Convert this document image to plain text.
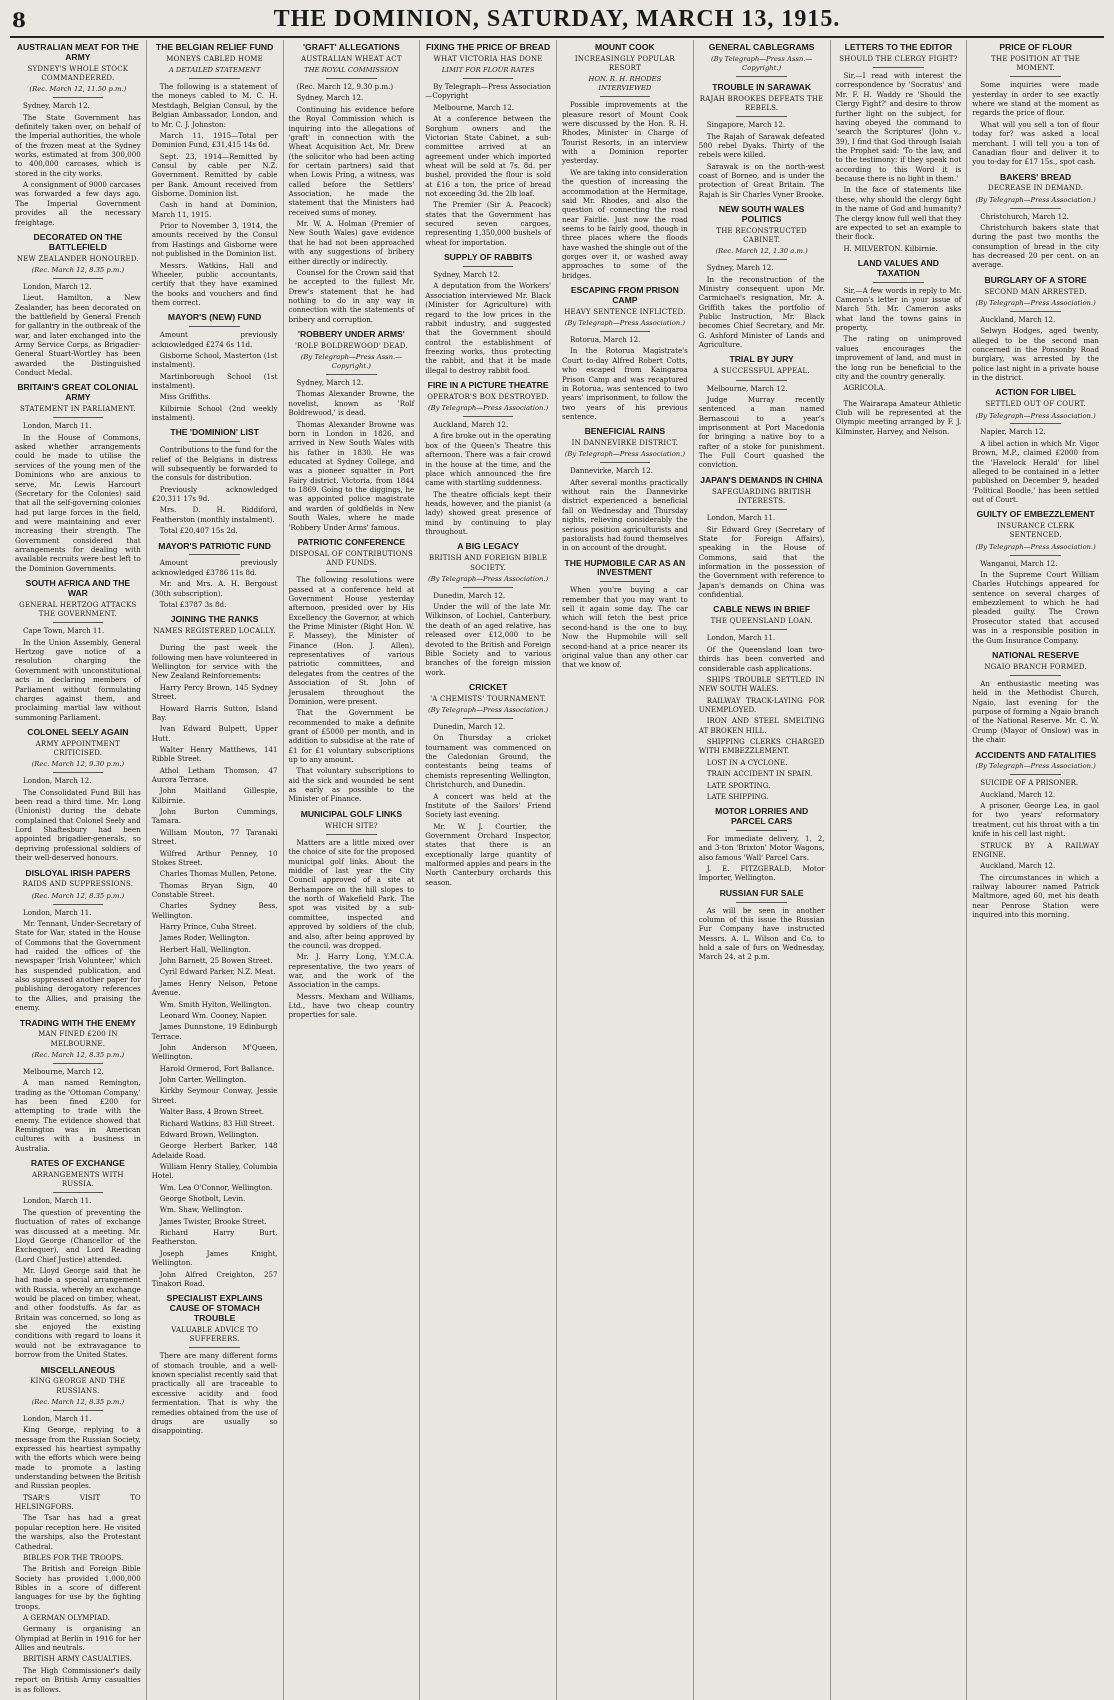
8	THE DOMINION, SATURDAY, MARCH 13, 1915.
AUSTRALIAN MEAT FOR THE ARMY
SYDNEY'S WHOLE STOCK COMMANDEERED.
(Rec. March 12, 11.50 p.m.)

Sydney, March 12.

The State Government has definitely taken over, on behalf of the Imperial authorities, the whole of the frozen meat at the Sydney works, estimated at from 300,000 to 400,000 carcases, which is stored in the city works.

A consignment of 9000 carcases was forwarded a few days ago. The Imperial Government provides all the necessary freightage.

DECORATED ON THE BATTLEFIELD
NEW ZEALANDER HONOURED.
(Rec. March 12, 8.35 p.m.)

London, March 12.

Lieut. Hamilton, a New Zealander, has been decorated on the battlefield by General French for gallantry in the outbreak of the war, and later exchanged into the Army Service Corps, as Brigadier-General Stuart-Wortley has been awarded the Distinguished Conduct Medal.

BRITAIN'S GREAT COLONIAL ARMY
STATEMENT IN PARLIAMENT.

London, March 11.

In the House of Commons, asked whether arrangements could be made to utilise the services of the young men of the Dominions who are anxious to serve, Mr. Lewis Harcourt (Secretary for the Colonies) said that all the self-governing colonies had put large forces in the field, and were maintaining and ever increasing their strength. The Government considered that arrangements for dealing with available recruits were best left to the Dominion Governments.

SOUTH AFRICA AND THE WAR
GENERAL HERTZOG ATTACKS THE GOVERNMENT.

Cape Town, March 11.

In the Union Assembly, General Hertzog gave notice of a resolution charging the Government with unconstitutional acts in declaring members of Parliament without formulating charges against them, and proclaiming martial law without summoning Parliament.

COLONEL SEELY AGAIN
ARMY APPOINTMENT CRITICISED.
(Rec. March 12, 9.30 p.m.)

London, March 12.

The Consolidated Fund Bill has been read a third time. Mr. Long (Unionist) during the debate complained that Colonel Seely and Lord Shaftesbury had been appointed brigadier-generals, so depriving professional soldiers of their well-deserved honours.

DISLOYAL IRISH PAPERS
RAIDS AND SUPPRESSIONS.
(Rec. March 12, 8.35 p.m.)

London, March 11.

Mr. Tennant, Under-Secretary of State for War, stated in the House of Commons that the Government had raided the offices of the newspaper 'Irish Volunteer,' which has suspended publication, and also suppressed another paper for publishing derogatory references to the Allies, and praising the enemy.

TRADING WITH THE ENEMY
MAN FINED £200 IN MELBOURNE.
(Rec. March 12, 8.35 p.m.)

Melbourne, March 12.

A man named Remington, trading as the 'Ottoman Company,' has been fined £200 for attempting to trade with the enemy. The evidence showed that Remington was in American cultures with a business in Australia.

RATES OF EXCHANGE
ARRANGEMENTS WITH RUSSIA.

London, March 11.

The question of preventing the fluctuation of rates of exchange was discussed at a meeting. Mr. Lloyd George (Chancellor of the Exchequer), and Lord Reading (Lord Chief Justice) attended.

Mr. Lloyd George said that he had made a special arrangement with Russia, whereby an exchange would be placed on timber, wheat, and other foodstuffs. As far as Britain was concerned, so long as she enjoyed the existing conditions with regard to loans it would not be extravagance to borrow from the United States.

MISCELLANEOUS
KING GEORGE AND THE RUSSIANS.
(Rec. March 12, 8.35 p.m.)

London, March 11.

King George, replying to a message from the Russian Society, expressed his heartiest sympathy with the efforts which were being made to promote a lasting understanding between the British and Russian peoples.

TSAR'S VISIT TO HELSINGFORS.

The Tsar has had a great popular reception here. He visited the warships, also the Protestant Cathedral.

BIBLES FOR THE TROOPS.

The British and Foreign Bible Society has provided 1,000,000 Bibles in a score of different languages for use by the fighting troops.

A GERMAN OLYMPIAD.

Germany is organising an Olympiad at Berlin in 1916 for her Allies and neutrals.

BRITISH ARMY CASUALTIES.

The High Commissioner's daily report on British Army casualties is as follows.

THE BELGIAN RELIEF FUND
MONEYS CABLED HOME
A DETAILED STATEMENT

The following is a statement of the moneys cabled to M. C. H. Mestdagh, Belgian Consul, by the Belgian Ambassador, London, and to Mr. C. J. Johnston:

March 11, 1915—Total per Dominion Fund, £31,415 14s 6d.

Sept. 23, 1914—Remitted by Consul by cable per N.Z. Government. Remitted by cable per Bank. Amount received from Gisborne. Dominion list.

Cash in hand at Dominion, March 11, 1915.

Prior to November 3, 1914, the amounts received by the Consul from Hastings and Gisborne were not published in the Dominion list.

Messrs. Watkins, Hall and Wheeler, public accountants, certify that they have examined the books and vouchers and find them correct.

MAYOR'S (NEW) FUND

Amount previously acknowledged £274 6s 11d.

Gisborne School, Masterton (1st instalment).

Martinborough School (1st instalment).

Miss Griffiths.

Kilbirnie School (2nd weekly instalment).

THE 'DOMINION' LIST

Contributions to the fund for the relief of the Belgians in distress will subsequently be forwarded to the consuls for distribution.

Previously acknowledged £20,311 17s 9d.

Mrs. D. H. Riddiford, Featherston (monthly instalment).

Total £20,407 15s 2d.

MAYOR'S PATRIOTIC FUND

Amount previously acknowledged £3786 11s 8d.

Mr. and Mrs. A. H. Bergoust (30th subscription).

Total £3787 3s 8d.

JOINING THE RANKS
NAMES REGISTERED LOCALLY.

During the past week the following men have volunteered in Wellington for service with the New Zealand Reinforcements:

Harry Percy Brown, 145 Sydney Street.

Howard Harris Sutton, Island Bay.

Ivan Edward Bulpett, Upper Hutt.

Walter Henry Matthews, 141 Ribble Street.

Athol Letham Thomson, 47 Aurora Terrace.

John Maitland Gillespie, Kilbirnie.

John Burton Cummings, Tamara.

William Mouton, 77 Taranaki Street.

Wilfred Arthur Penney, 10 Stokes Street.

Charles Thomas Mullen, Petone.

Thomas Bryan Sign, 40 Constable Street.

Charles Sydney Bess, Wellington.

Harry Prince, Cuba Street.

James Roder, Wellington.

Herbert Hall, Wellington.

John Barnett, 25 Bowen Street.

Cyril Edward Parker, N.Z. Meat.

James Henry Nelson, Petone Avenue.

Wm. Smith Hylton, Wellington.

Leonard Wm. Cooney, Napier.

James Dunnstone, 19 Edinburgh Terrace.

John Anderson M'Queen, Wellington.

Harold Ormerod, Fort Ballance.

John Carter, Wellington.

Kirkby Seymour Conway, Jessie Street.

Walter Bass, 4 Brown Street.

Richard Watkins, 83 Hill Street.

Edward Brown, Wellington.

George Herbert Barker, 148 Adelaide Road.

William Henry Stalley, Columbia Hotel.

Wm. Lea O'Connor, Wellington.

George Shotbolt, Levin.

Wm. Shaw, Wellington.

James Twister, Brooke Street.

Richard Harry Burt, Featherston.

Joseph James Knight, Wellington.

John Alfred Creighton, 257 Tinakori Road.

SPECIALIST EXPLAINS CAUSE OF STOMACH TROUBLE
VALUABLE ADVICE TO SUFFERERS.

There are many different forms of stomach trouble, and a well-known specialist recently said that practically all are traceable to excessive acidity and food fermentation. That is why the remedies obtained from the use of drugs are usually so disappointing.

'GRAFT' ALLEGATIONS
AUSTRALIAN WHEAT ACT
THE ROYAL COMMISSION

(Rec. March 12, 9.30 p.m.)

Sydney, March 12.

Continuing his evidence before the Royal Commission which is inquiring into the allegations of 'graft' in connection with the Wheat Acquisition Act, Mr. Drew (the solicitor who had been acting for certain partners) said that when Lowis Pring, a witness, was called before the Settlers' Association, he made the statement that the Ministers had received sums of money.

Mr. W. A. Holman (Premier of New South Wales) gave evidence that he had not been approached with any suggestions of bribery either directly or indirectly.

Counsel for the Crown said that he accepted to the fullest Mr. Drew's statement that he had nothing to do in any way in connection with the statements of bribery and corruption.

'ROBBERY UNDER ARMS'
'ROLF BOLDREWOOD' DEAD.
(By Telegraph—Press Assn.—Copyright.)

Sydney, March 12.

Thomas Alexander Browne, the novelist, known as 'Rolf Boldrewood,' is dead.

Thomas Alexander Browne was born in London in 1826, and arrived in New South Wales with his father in 1830. He was educated at Sydney College, and was a pioneer squatter in Port Fairy district, Victoria, from 1844 to 1869. Going to the diggings, he was appointed police magistrate and warden of goldfields in New South Wales, where he made 'Robbery Under Arms' famous.

PATRIOTIC CONFERENCE
DISPOSAL OF CONTRIBUTIONS AND FUNDS.

The following resolutions were passed at a conference held at Government House yesterday afternoon, presided over by His Excellency the Governor, at which the Prime Minister (Right Hon. W. F. Massey), the Minister of Finance (Hon. J. Allen), representatives of various patriotic committees, and delegates from the centres of the Association of St. John of Jerusalem throughout the Dominion, were present.

That the Government be recommended to make a definite grant of £5000 per month, and in addition to subsidise at the rate of £1 for £1 voluntary subscriptions up to any amount.

That voluntary subscriptions to aid the sick and wounded be sent as early as possible to the Minister of Finance.

MUNICIPAL GOLF LINKS
WHICH SITE?

Matters are a little mixed over the choice of site for the proposed municipal golf links. About the middle of last year the City Council approved of a site at Berhampore on the hill slopes to the north of Wakefield Park. The spot was visited by a sub-committee, inspected and approved by soldiers of the club, and also, after being approved by the council, was dropped.

Mr. J. Harry Long, Y.M.C.A. representative, the two years of war, and the work of the Association in the camps.

Messrs. Mexham and Williams, Ltd., have two cheap country properties for sale.

FIXING THE PRICE OF BREAD
WHAT VICTORIA HAS DONE
LIMIT FOR FLOUR RATES

By Telegraph—Press Association—Copyright

Melbourne, March 12.

At a conference between the Sorghum owners and the Victorian State Cabinet, a sub-committee arrived at an agreement under which imported wheat will be sold at 7s. 8d. per bushel, provided the flour is sold at £16 a ton, the price of bread not exceeding 3d. the 2lb loaf.

The Premier (Sir A. Peacock) states that the Government has secured seven cargoes, representing 1,350,000 bushels of wheat for importation.

SUPPLY OF RABBITS

Sydney, March 12.

A deputation from the Workers' Association interviewed Mr. Black (Minister for Agriculture) with regard to the low prices in the rabbit industry, and suggested that the Government should control the establishment of freezing works, thus protecting the rabbit, and that it be made illegal to destroy rabbit food.

FIRE IN A PICTURE THEATRE
OPERATOR'S BOX DESTROYED.
(By Telegraph—Press Association.)

Auckland, March 12.

A fire broke out in the operating box of the Queen's Theatre this afternoon. There was a fair crowd in the house at the time, and the place which announced the fire came with startling suddenness.

The theatre officials kept their heads, however, and the pianist (a lady) showed great presence of mind by continuing to play throughout.

A BIG LEGACY
BRITISH AND FOREIGN BIBLE SOCIETY.
(By Telegraph—Press Association.)

Dunedin, March 12.

Under the will of the late Mr. Wilkinson, of Lochiel, Canterbury, the death of an aged relative, has released over £12,000 to be devoted to the British and Foreign Bible Society and to various branches of the foreign mission work.

CRICKET
'A CHEMISTS' TOURNAMENT.
(By Telegraph—Press Association.)

Dunedin, March 12.

On Thursday a cricket tournament was commenced on the Caledonian Ground, the contestants being teams of chemists representing Wellington, Christchurch, and Dunedin.

A concert was held at the Institute of the Sailors' Friend Society last evening.

Mr. W. J. Courtier, the Government Orchard Inspector, states that there is an exceptionally large quantity of malformed apples and pears in the North Canterbury orchards this season.

MOUNT COOK
INCREASINGLY POPULAR RESORT
HON. R. H. RHODES INTERVIEWED

Possible improvements at the pleasure resort of Mount Cook were discussed by the Hon. R. H. Rhodes, Minister in Charge of Tourist Resorts, in an interview with a Dominion reporter yesterday.

We are taking into consideration the question of increasing the accommodation at the Hermitage, said Mr. Rhodes, and also the question of connecting the road near Fairlie. Just now the road seems to be fairly good, though in three places where the floods have washed the shingle out of the gorges over it, or washed away approaches to some of the bridges.

ESCAPING FROM PRISON CAMP
HEAVY SENTENCE INFLICTED.
(By Telegraph—Press Association.)

Rotorua, March 12.

In the Rotorua Magistrate's Court to-day Alfred Robert Cotts, who escaped from Kaingaroa Prison Camp and was recaptured in Rotorua, was sentenced to two years' imprisonment, to follow the two years of his previous sentence.

BENEFICIAL RAINS
IN DANNEVIRKE DISTRICT.
(By Telegraph—Press Association.)

Dannevirke, March 12.

After several months practically without rain the Dannevirke district experienced a beneficial fall on Wednesday and Thursday nights, relieving considerably the serious position agriculturists and pastoralists had found themselves in on account of the drought.

THE HUPMOBILE CAR AS AN INVESTMENT

When you're buying a car remember that you may want to sell it again some day. The car which will fetch the best price second-hand is the one to buy. Now the Hupmobile will sell second-hand at a price nearer its original value than any other car that we know of.

GENERAL CABLEGRAMS
(By Telegraph—Press Assn.—Copyright.)
TROUBLE IN SARAWAK
RAJAH BROOKES DEFEATS THE REBELS.

Singapore, March 12.

The Rajah of Sarawak defeated 500 rebel Dyaks. Thirty of the rebels were killed.

Sarawak is on the north-west coast of Borneo, and is under the protection of Great Britain. The Rajah is Sir Charles Vyner Brooke.

NEW SOUTH WALES POLITICS
THE RECONSTRUCTED CABINET.
(Rec. March 12, 1.30 a.m.)

Sydney, March 12.

In the reconstruction of the Ministry consequent upon Mr. Carmichael's resignation, Mr. A. Griffith takes the portfolio of Public Instruction, Mr. Black becomes Chief Secretary, and Mr. G. Ashford Minister of Lands and Agriculture.

TRIAL BY JURY
A SUCCESSFUL APPEAL.

Melbourne, March 12.

Judge Murray recently sentenced a man named Bernascoui to a year's imprisonment at Port Macedonia for bringing a native boy to a rafter of a stoke for punishment. The Full Court quashed the conviction.

JAPAN'S DEMANDS IN CHINA
SAFEGUARDING BRITISH INTERESTS.

London, March 11.

Sir Edward Grey (Secretary of State for Foreign Affairs), speaking in the House of Commons, said that the information in the possession of the Government with reference to Japan's demands on China was confidential.

CABLE NEWS IN BRIEF
THE QUEENSLAND LOAN.

London, March 11.

Of the Queensland loan two-thirds has been converted and considerable cash applications.

SHIPS TROUBLE SETTLED IN NEW SOUTH WALES.

RAILWAY TRACK-LAYING FOR UNEMPLOYED.

IRON AND STEEL SMELTING AT BROKEN HILL.

SHIPPING CLERKS CHARGED WITH EMBEZZLEMENT.

LOST IN A CYCLONE.

TRAIN ACCIDENT IN SPAIN.

LATE SPORTING.

LATE SHIPPING.

MOTOR LORRIES AND PARCEL CARS

For immediate delivery, 1, 2, and 3-ton 'Brixton' Motor Wagons, also famous 'Wall' Parcel Cars.

J. E. FITZGERALD, Motor Importer, Wellington.

RUSSIAN FUR SALE

As will be seen in another column of this issue the Russian Fur Company have instructed Messrs. A. L. Wilson and Co. to hold a sale of furs on Wednesday, March 24, at 2 p.m.

LETTERS TO THE EDITOR
SHOULD THE CLERGY FIGHT?

Sir,—I read with interest the correspondence by 'Socratus' and Mr. F. H. Waddy re 'Should the Clergy Fight?' and desire to throw further light on the subject, for having obeyed the command to 'search the Scriptures' (John v., 39), I find that God through Isaiah the Prophet said: 'To the law, and to the testimony: if they speak not according to this Word it is because there is no light in them.'

In the face of statements like these, why should the clergy fight in the name of God and humanity? The clergy know full well that they are expected to set an example to their flock.

H. MILVERTON. Kilbirnie.

LAND VALUES AND TAXATION

Sir,—A few words in reply to Mr. Cameron's letter in your issue of March 5th. Mr. Cameron asks what land the towns gains in property.

The rating on unimproved values encourages the improvement of land, and must in the long run be beneficial to the city and the country generally.

AGRICOLA.

The Wairarapa Amateur Athletic Club will be represented at the Olympic meeting arranged by F. J. Kilminster, Harvey, and Nelson.

PRICE OF FLOUR
THE POSITION AT THE MOMENT.

Some inquiries were made yesterday in order to see exactly where we stand at the moment as regards the price of flour.

What will you sell a ton of flour today for? was asked a local merchant. I will tell you a ton of Canadian flour and deliver it to you to-day for £17 15s., spot cash.

BAKERS' BREAD
DECREASE IN DEMAND.
(By Telegraph—Press Association.)

Christchurch, March 12.

Christchurch bakers state that during the past two months the consumption of bread in the city has decreased 20 per cent. on an average.

BURGLARY OF A STORE
SECOND MAN ARRESTED.
(By Telegraph—Press Association.)

Auckland, March 12.

Selwyn Hodges, aged twenty, alleged to be the second man concerned in the Ponsonby Road burglary, was arrested by the police last night in a private house in the district.

ACTION FOR LIBEL
SETTLED OUT OF COURT.
(By Telegraph—Press Association.)

Napier, March 12.

A libel action in which Mr. Vigor Brown, M.P., claimed £2000 from the 'Havelock Herald' for libel alleged to be contained in a letter published on December 9, headed 'Political Boodle,' has been settled out of Court.

GUILTY OF EMBEZZLEMENT
INSURANCE CLERK SENTENCED.
(By Telegraph—Press Association.)

Wanganui, March 12.

In the Supreme Court William Charles Hutchings appeared for sentence on several charges of embezzlement to which he had pleaded guilty. The Crown Prosecutor stated that accused was in a responsible position in the Gum Insurance Company.

NATIONAL RESERVE
NGAIO BRANCH FORMED.

An enthusiastic meeting was held in the Methodist Church, Ngaio, last evening for the purpose of forming a Ngaio branch of the National Reserve. Mr. C. W. Crump (Mayor of Onslow) was in the chair.

ACCIDENTS AND FATALITIES
(By Telegraph—Press Association.)

SUICIDE OF A PRISONER.

Auckland, March 12.

A prisoner, George Lea, in gaol for two years' reformatory treatment, cut his throat with a tin knife in his cell last night.

STRUCK BY A RAILWAY ENGINE.

Auckland, March 12.

The circumstances in which a railway labourer named Patrick Maltmore, aged 60, met his death near Penrose Station were inquired into this morning.
